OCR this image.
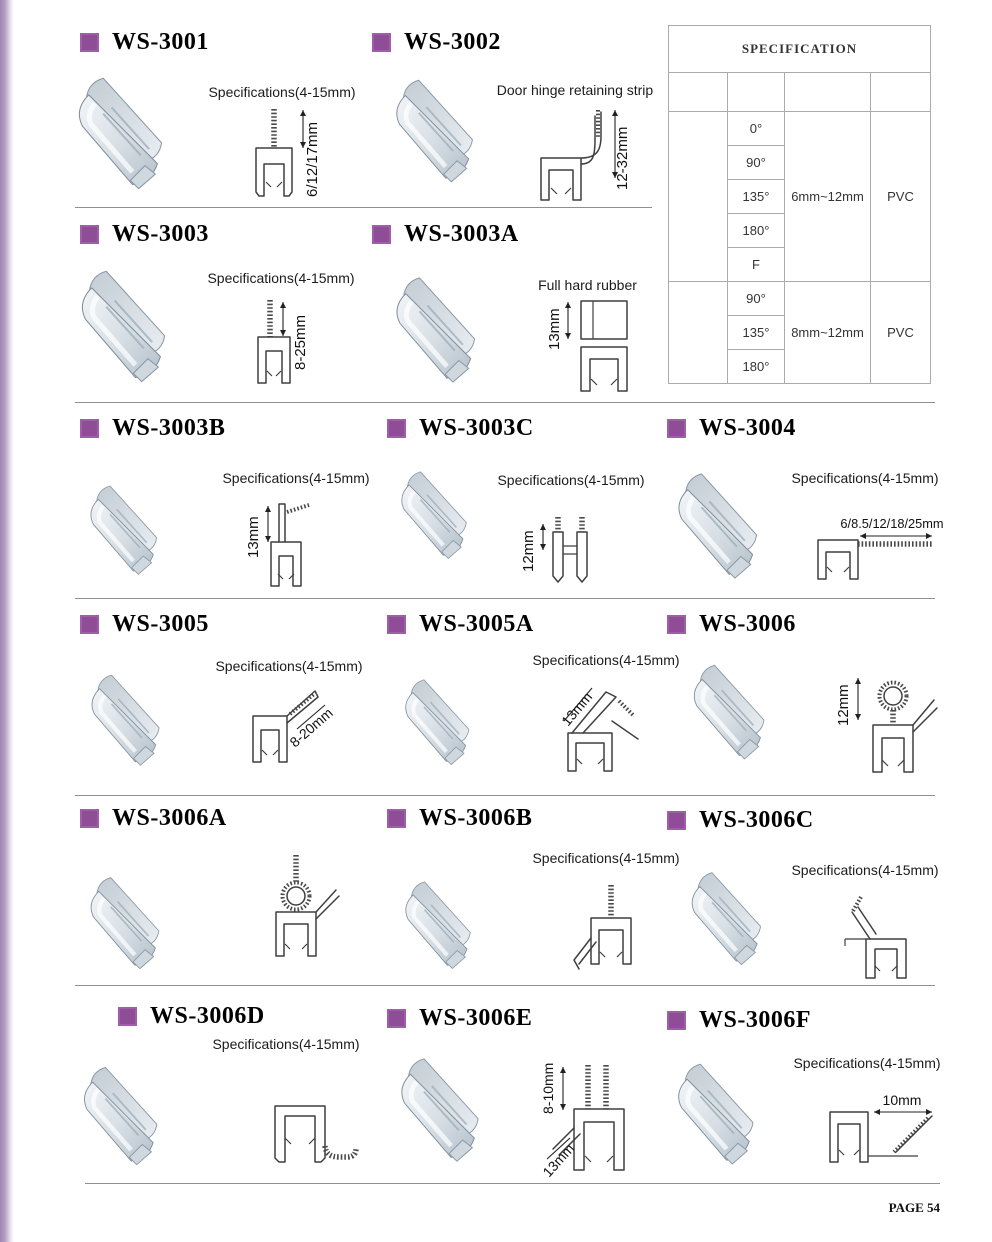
WS-3001
Specifications(4-15mm)
6/12/17mm
WS-3002
Door hinge retaining strip
12-32mm
SPECIFICATION			

	0°	6mm~12mm	PVC
	90°		
	135°		
	180°		
	F		
	90°	8mm~12mm	PVC
	135°		
	180°		
WS-3003
Specifications(4-15mm)
8-25mm
WS-3003A
Full hard rubber
13mm
WS-3003B
Specifications(4-15mm)
13mm
WS-3003C
Specifications(4-15mm)
12mm
WS-3004
Specifications(4-15mm)
6/8.5/12/18/25mm
WS-3005
Specifications(4-15mm)
8-20mm
WS-3005A
Specifications(4-15mm)
13mm
WS-3006
12mm
WS-3006A	WS-3006B
Specifications(4-15mm)
WS-3006C
Specifications(4-15mm)
WS-3006D
Specifications(4-15mm)
WS-3006E
8-10mm
13mm
WS-3006F
Specifications(4-15mm)
10mm
PAGE 54
